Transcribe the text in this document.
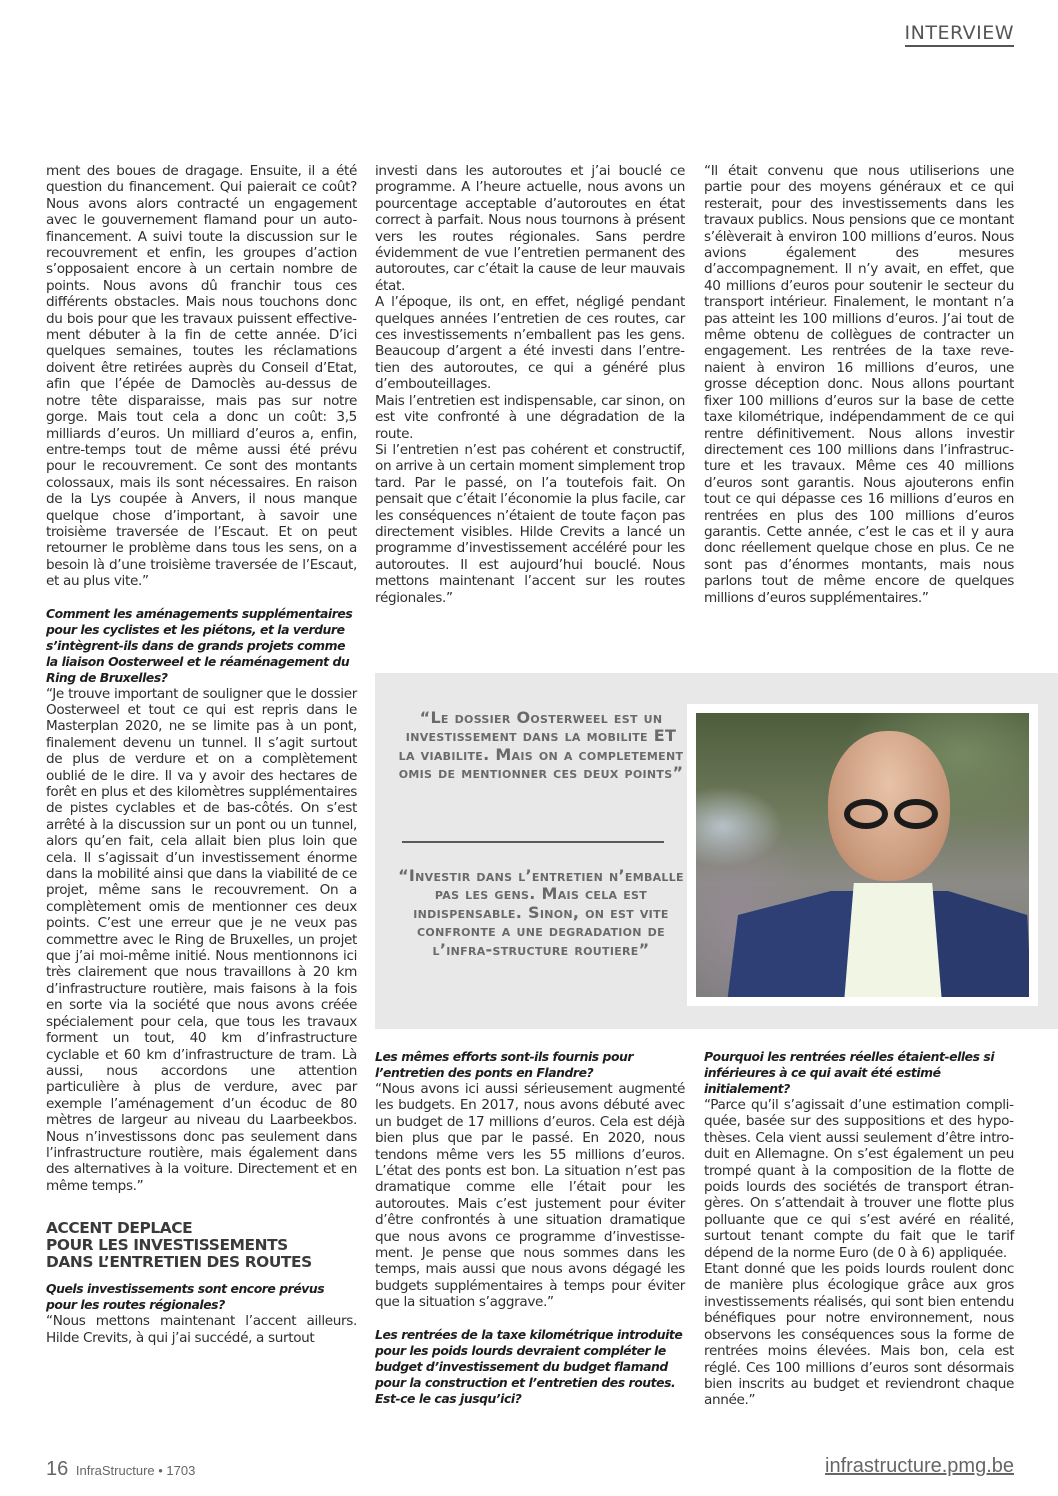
INTERVIEW

ment des boues de dragage. Ensuite, il a été question du financement. Qui paierait ce coût? Nous avons alors contracté un engagement avec le gouvernement flamand pour un auto-financement. A suivi toute la discussion sur le recouvrement et enfin, les groupes d’action s’opposaient encore à un certain nombre de points. Nous avons dû franchir tous ces différents obstacles. Mais nous touchons donc du bois pour que les travaux puissent effectivement débuter à la fin de cette année. D’ici quelques semaines, toutes les réclamations doivent être retirées auprès du Conseil d’Etat, afin que l’épée de Damoclès au-dessus de notre tête disparaisse, mais pas sur notre gorge. Mais tout cela a donc un coût: 3,5 milliards d’euros. Un milliard d’euros a, enfin, entre-temps tout de même aussi été prévu pour le recouvrement. Ce sont des montants colossaux, mais ils sont nécessaires. En raison de la Lys coupée à Anvers, il nous manque quelque chose d’important, à savoir une troisième traversée de l’Escaut. Et on peut retourner le problème dans tous les sens, on a besoin là d’une troisième traversée de l’Escaut, et au plus vite.”

Comment les aménagements supplémentaires pour les cyclistes et les piétons, et la verdure s’intègrent-ils dans de grands projets comme la liaison Oosterweel et le réaménagement du Ring de Bruxelles?

“Je trouve important de souligner que le dossier Oosterweel et tout ce qui est repris dans le Masterplan 2020, ne se limite pas à un pont, finalement devenu un tunnel. Il s’agit surtout de plus de verdure et on a complètement oublié de le dire. Il va y avoir des hectares de forêt en plus et des kilomètres supplémentaires de pistes cyclables et de bas-côtés. On s’est arrêté à la discussion sur un pont ou un tunnel, alors qu’en fait, cela allait bien plus loin que cela. Il s’agissait d’un investissement énorme dans la mobilité ainsi que dans la viabilité de ce projet, même sans le recouvrement. On a complètement omis de mentionner ces deux points. C’est une erreur que je ne veux pas commettre avec le Ring de Bruxelles, un projet que j’ai moi-même initié. Nous mentionnons ici très clairement que nous travaillons à 20 km d’infrastructure routière, mais faisons à la fois en sorte via la société que nous avons créée spécialement pour cela, que tous les travaux forment un tout, 40 km d’infrastructure cyclable et 60 km d’infrastructure de tram. Là aussi, nous accordons une attention particulière à plus de verdure, avec par exemple l’aménagement d’un écoduc de 80 mètres de largeur au niveau du Laarbeekbos. Nous n’investissons donc pas seulement dans l’infrastructure routière, mais également dans des alternatives à la voiture. Directement et en même temps.”

ACCENT DEPLACE
POUR LES INVESTISSEMENTS
DANS L’ENTRETIEN DES ROUTES

Quels investissements sont encore prévus pour les routes régionales?

“Nous mettons maintenant l’accent ailleurs. Hilde Crevits, à qui j’ai succédé, a surtout

investi dans les autoroutes et j’ai bouclé ce programme. A l’heure actuelle, nous avons un pourcentage acceptable d’autoroutes en état correct à parfait. Nous nous tournons à présent vers les routes régionales. Sans perdre évidemment de vue l’entretien permanent des autoroutes, car c’était la cause de leur mauvais état.

A l’époque, ils ont, en effet, négligé pendant quelques années l’entretien de ces routes, car ces investissements n’emballent pas les gens. Beaucoup d’argent a été investi dans l’entretien des autoroutes, ce qui a généré plus d’embouteillages.

Mais l’entretien est indispensable, car sinon, on est vite confronté à une dégradation de la route.

Si l’entretien n’est pas cohérent et constructif, on arrive à un certain moment simplement trop tard. Par le passé, on l’a toutefois fait. On pensait que c’était l’économie la plus facile, car les conséquences n’étaient de toute façon pas directement visibles. Hilde Crevits a lancé un programme d’investissement accéléré pour les autoroutes. Il est aujourd’hui bouclé. Nous mettons maintenant l’accent sur les routes régionales.”

Les mêmes efforts sont-ils fournis pour l’entretien des ponts en Flandre?

“Nous avons ici aussi sérieusement augmenté les budgets. En 2017, nous avons débuté avec un budget de 17 millions d’euros. Cela est déjà bien plus que par le passé. En 2020, nous tendons même vers les 55 millions d’euros. L’état des ponts est bon. La situation n’est pas dramatique comme elle l’était pour les autoroutes. Mais c’est justement pour éviter d’être confrontés à une situation dramatique que nous avons ce programme d’investissement. Je pense que nous sommes dans les temps, mais aussi que nous avons dégagé les budgets supplémentaires à temps pour éviter que la situation s’aggrave.”

Les rentrées de la taxe kilométrique introduite pour les poids lourds devraient compléter le budget d’investissement du budget flamand pour la construction et l’entretien des routes. Est-ce le cas jusqu’ici?

“Il était convenu que nous utiliserions une partie pour des moyens généraux et ce qui resterait, pour des investissements dans les travaux publics. Nous pensions que ce montant s’élèverait à environ 100 millions d’euros. Nous avions également des mesures d’accompagnement. Il n’y avait, en effet, que 40 millions d’euros pour soutenir le secteur du transport intérieur. Finalement, le montant n’a pas atteint les 100 millions d’euros. J’ai tout de même obtenu de collègues de contracter un engagement. Les rentrées de la taxe revenaient à environ 16 millions d’euros, une grosse déception donc. Nous allons pourtant fixer 100 millions d’euros sur la base de cette taxe kilométrique, indépendamment de ce qui rentre définitivement. Nous allons investir directement ces 100 millions dans l’infrastructure et les travaux. Même ces 40 millions d’euros sont garantis. Nous ajouterons enfin tout ce qui dépasse ces 16 millions d’euros en rentrées en plus des 100 millions d’euros garantis. Cette année, c’est le cas et il y aura donc réellement quelque chose en plus. Ce ne sont pas d’énormes montants, mais nous parlons tout de même encore de quelques millions d’euros supplémentaires.”

Pourquoi les rentrées réelles étaient-elles si inférieures à ce qui avait été estimé initialement?

“Parce qu’il s’agissait d’une estimation compliquée, basée sur des suppositions et des hypothèses. Cela vient aussi seulement d’être introduit en Allemagne. On s’est également un peu trompé quant à la composition de la flotte de poids lourds des sociétés de transport étrangères. On s’attendait à trouver une flotte plus polluante que ce qui s’est avéré en réalité, surtout tenant compte du fait que le tarif dépend de la norme Euro (de 0 à 6) appliquée.

Etant donné que les poids lourds roulent donc de manière plus écologique grâce aux gros investissements réalisés, qui sont bien entendu bénéfiques pour notre environnement, nous observons les conséquences sous la forme de rentrées moins élevées. Mais bon, cela est réglé. Ces 100 millions d’euros sont désormais bien inscrits au budget et reviendront chaque année.”

“Le dossier Oosterweel est un investissement dans la mobilite ET la viabilite. Mais on a completement omis de mentionner ces deux points”
“Investir dans l’entretien n’emballe pas les gens. Mais cela est indispensable. Sinon, on est vite confronte a une degradation de l’infra-structure routiere”
16 InfraStructure • 1703	infrastructure.pmg.be
